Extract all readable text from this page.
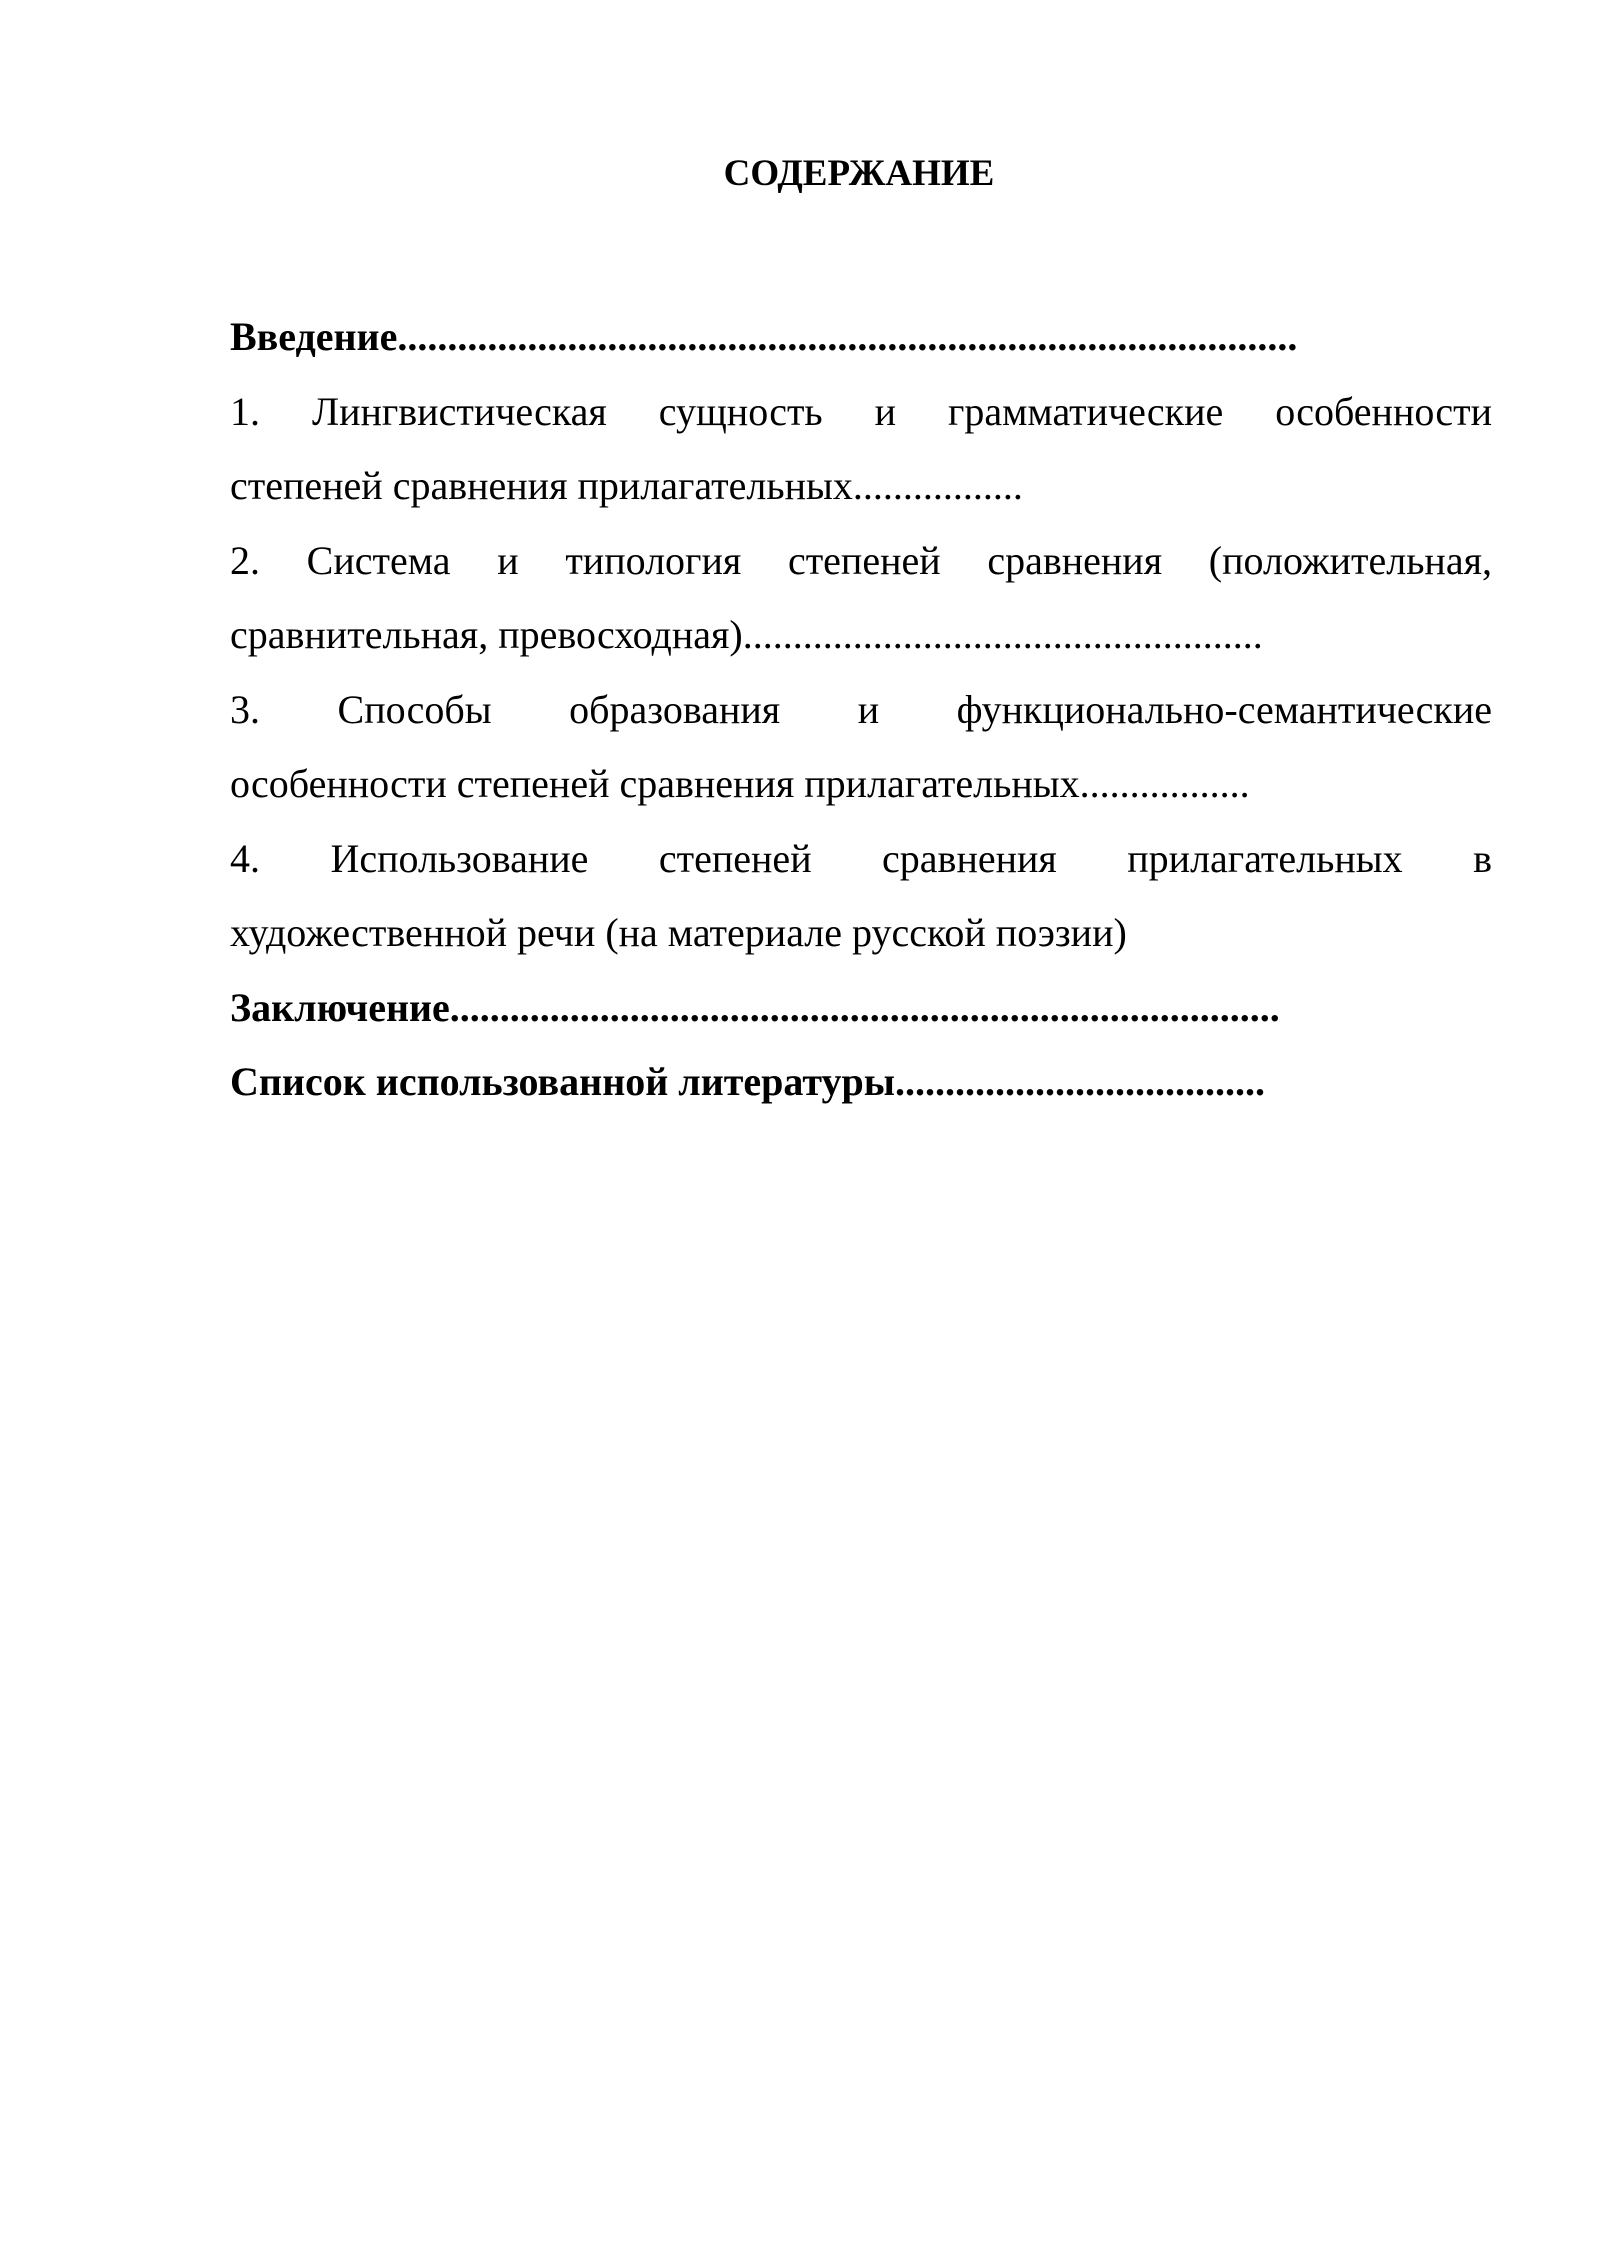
СОДЕРЖАНИЕ

Введение..........................................................................................

1. Лингвистическая сущность и грамматические особенности
степеней сравнения прилагательных.................
2. Система и типология степеней сравнения (положительная,
сравнительная, превосходная)....................................................
3. Способы образования и функционально-семантические
особенности степеней сравнения прилагательных.................
4. Использование степеней сравнения прилагательных в
художественной речи (на материале русской поэзии)

Заключение...................................................................................

Список использованной литературы.....................................
